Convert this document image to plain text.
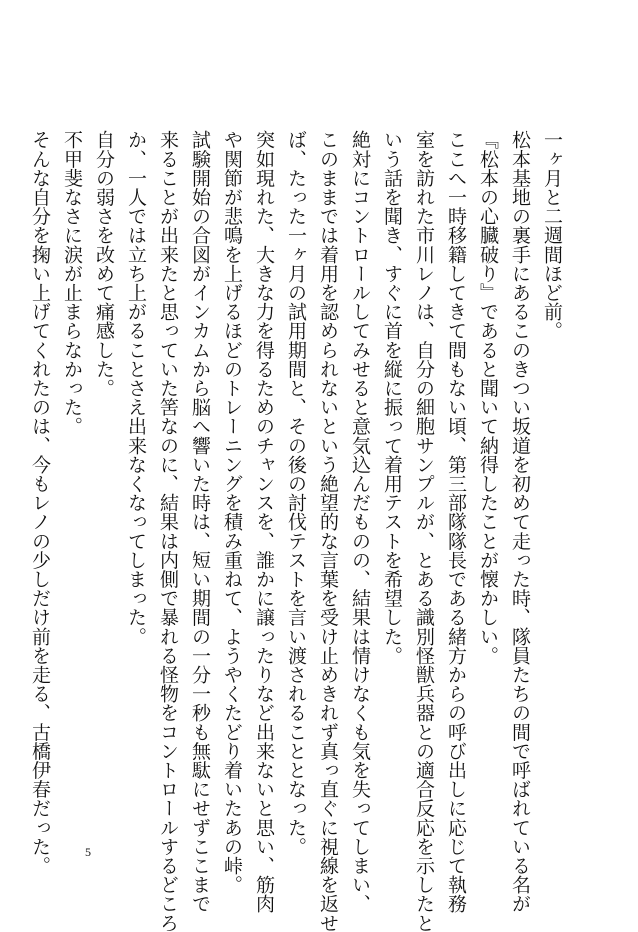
一ヶ月と二週間ほど前。
松本基地の裏手にあるこのきつい坂道を初めて走った時、隊員たちの間で呼ばれている名が
『松本の心臓破り』であると聞いて納得したことが懐かしい。
ここへ一時移籍してきて間もない頃、第三部隊隊長である緒方からの呼び出しに応じて執務
室を訪れた市川レノは、自分の細胞サンプルが、とある識別怪獣兵器との適合反応を示したと
いう話を聞き、すぐに首を縦に振って着用テストを希望した。
絶対にコントロールしてみせると意気込んだものの、結果は情けなくも気を失ってしまい、
このままでは着用を認められないという絶望的な言葉を受け止めきれず真っ直ぐに視線を返せ
ば、たった一ヶ月の試用期間と、その後の討伐テストを言い渡されることとなった。
突如現れた、大きな力を得るためのチャンスを、誰かに譲ったりなど出来ないと思い、筋肉
や関節が悲鳴を上げるほどのトレーニングを積み重ねて、ようやくたどり着いたあの峠。
試験開始の合図がインカムから脳へ響いた時は、短い期間の一分一秒も無駄にせずここまで
来ることが出来たと思っていた筈なのに、結果は内側で暴れる怪物をコントロールするどころ
か、一人では立ち上がることさえ出来なくなってしまった。
自分の弱さを改めて痛感した。
不甲斐なさに涙が止まらなかった。
そんな自分を掬い上げてくれたのは、今もレノの少しだけ前を走る、古橋伊春だった。	5
